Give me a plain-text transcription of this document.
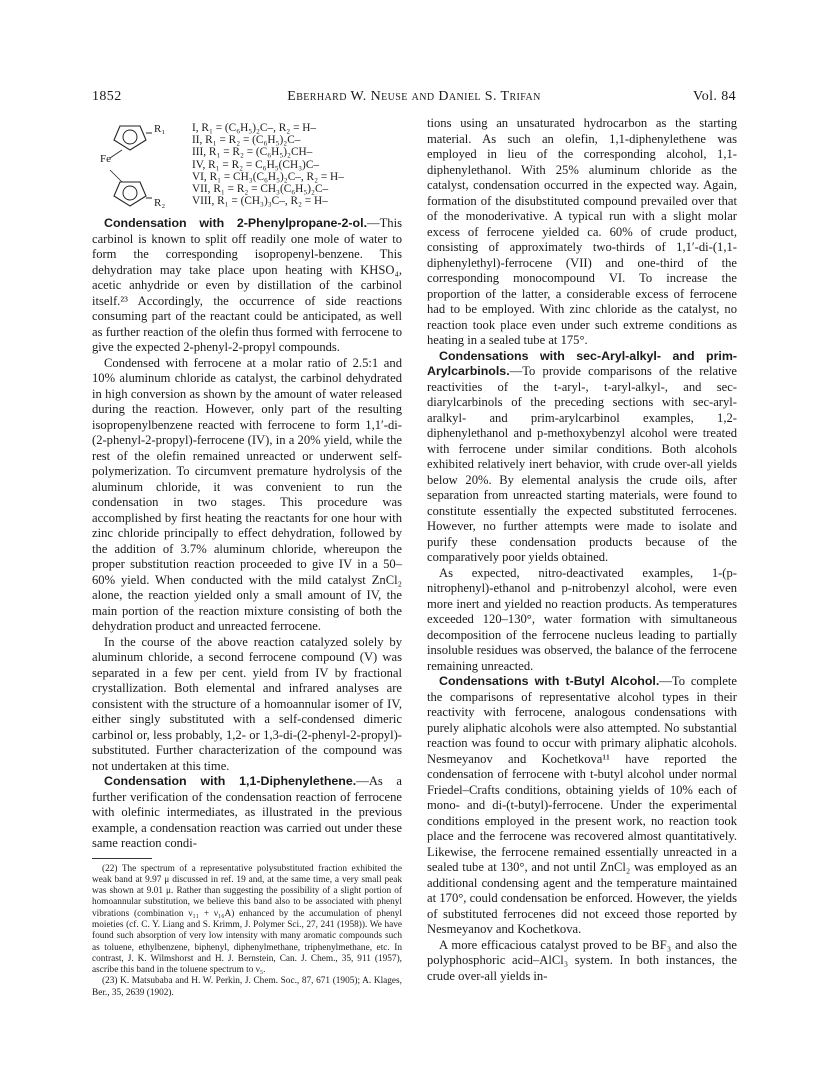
1852	Eberhard W. Neuse and Daniel S. Trifan	Vol. 84
Fe
R₁
R₂
I, R₁ = (C₆H₅)₂C–, R₂ = H–
II, R₁ = R₂ = (C₆H₅)₂C–
III, R₁ = R₂ = (C₆H₅)₂CH–
IV, R₁ = R₂ = C₆H₅(CH₃)C–
VI, R₁ = CH₃(C₆H₅)₂C–, R₂ = H–
VII, R₁ = R₂ = CH₃(C₆H₅)₂C–
VIII, R₁ = (CH₃)₃C–, R₂ = H–

Condensation with 2-Phenylpropane-2-ol.—This carbinol is known to split off readily one mole of water to form the corresponding isopropenyl-benzene. This dehydration may take place upon heating with KHSO₄, acetic anhydride or even by distillation of the carbinol itself.²³ Accordingly, the occurrence of side reactions consuming part of the reactant could be anticipated, as well as further reaction of the olefin thus formed with ferrocene to give the expected 2-phenyl-2-propyl compounds.

Condensed with ferrocene at a molar ratio of 2.5:1 and 10% aluminum chloride as catalyst, the carbinol dehydrated in high conversion as shown by the amount of water released during the reaction. However, only part of the resulting isopropenylbenzene reacted with ferrocene to form 1,1′-di-(2-phenyl-2-propyl)-ferrocene (IV), in a 20% yield, while the rest of the olefin remained unreacted or underwent self-polymerization. To circumvent premature hydrolysis of the aluminum chloride, it was convenient to run the condensation in two stages. This procedure was accomplished by first heating the reactants for one hour with zinc chloride principally to effect dehydration, followed by the addition of 3.7% aluminum chloride, whereupon the proper substitution reaction proceeded to give IV in a 50–60% yield. When conducted with the mild catalyst ZnCl₂ alone, the reaction yielded only a small amount of IV, the main portion of the reaction mixture consisting of both the dehydration product and unreacted ferrocene.

In the course of the above reaction catalyzed solely by aluminum chloride, a second ferrocene compound (V) was separated in a few per cent. yield from IV by fractional crystallization. Both elemental and infrared analyses are consistent with the structure of a homoannular isomer of IV, either singly substituted with a self-condensed dimeric carbinol or, less probably, 1,2- or 1,3-di-(2-phenyl-2-propyl)-substituted. Further characterization of the compound was not undertaken at this time.

Condensation with 1,1-Diphenylethene.—As a further verification of the condensation reaction of ferrocene with olefinic intermediates, as illustrated in the previous example, a condensation reaction was carried out under these same reaction condi-

(22) The spectrum of a representative polysubstituted fraction exhibited the weak band at 9.97 μ discussed in ref. 19 and, at the same time, a very small peak was shown at 9.01 μ. Rather than suggesting the possibility of a slight portion of homoannular substitution, we believe this band also to be associated with phenyl vibrations (combination ν₁₁ + ν₁₆A) enhanced by the accumulation of phenyl moieties (cf. C. Y. Liang and S. Krimm, J. Polymer Sci., 27, 241 (1958)). We have found such absorption of very low intensity with many aromatic compounds such as toluene, ethylbenzene, biphenyl, diphenylmethane, triphenylmethane, etc. In contrast, J. K. Wilmshorst and H. J. Bernstein, Can. J. Chem., 35, 911 (1957), ascribe this band in the toluene spectrum to ν₅.

(23) K. Matsubaba and H. W. Perkin, J. Chem. Soc., 87, 671 (1905); A. Klages, Ber., 35, 2639 (1902).

tions using an unsaturated hydrocarbon as the starting material. As such an olefin, 1,1-diphenylethene was employed in lieu of the corresponding alcohol, 1,1-diphenylethanol. With 25% aluminum chloride as the catalyst, condensation occurred in the expected way. Again, formation of the disubstituted compound prevailed over that of the monoderivative. A typical run with a slight molar excess of ferrocene yielded ca. 60% of crude product, consisting of approximately two-thirds of 1,1′-di-(1,1-diphenylethyl)-ferrocene (VII) and one-third of the corresponding monocompound VI. To increase the proportion of the latter, a considerable excess of ferrocene had to be employed. With zinc chloride as the catalyst, no reaction took place even under such extreme conditions as heating in a sealed tube at 175°.

Condensations with sec-Aryl-alkyl- and prim-Arylcarbinols.—To provide comparisons of the relative reactivities of the t-aryl-, t-aryl-alkyl-, and sec-diarylcarbinols of the preceding sections with sec-aryl-aralkyl- and prim-arylcarbinol examples, 1,2-diphenylethanol and p-methoxybenzyl alcohol were treated with ferrocene under similar conditions. Both alcohols exhibited relatively inert behavior, with crude over-all yields below 20%. By elemental analysis the crude oils, after separation from unreacted starting materials, were found to constitute essentially the expected substituted ferrocenes. However, no further attempts were made to isolate and purify these condensation products because of the comparatively poor yields obtained.

As expected, nitro-deactivated examples, 1-(p-nitrophenyl)-ethanol and p-nitrobenzyl alcohol, were even more inert and yielded no reaction products. As temperatures exceeded 120–130°, water formation with simultaneous decomposition of the ferrocene nucleus leading to partially insoluble residues was observed, the balance of the ferrocene remaining unreacted.

Condensations with t-Butyl Alcohol.—To complete the comparisons of representative alcohol types in their reactivity with ferrocene, analogous condensations with purely aliphatic alcohols were also attempted. No substantial reaction was found to occur with primary aliphatic alcohols. Nesmeyanov and Kochetkova¹¹ have reported the condensation of ferrocene with t-butyl alcohol under normal Friedel–Crafts conditions, obtaining yields of 10% each of mono- and di-(t-butyl)-ferrocene. Under the experimental conditions employed in the present work, no reaction took place and the ferrocene was recovered almost quantitatively. Likewise, the ferrocene remained essentially unreacted in a sealed tube at 130°, and not until ZnCl₂ was employed as an additional condensing agent and the temperature maintained at 170°, could condensation be enforced. However, the yields of substituted ferrocenes did not exceed those reported by Nesmeyanov and Kochetkova.

A more efficacious catalyst proved to be BF₃ and also the polyphosphoric acid–AlCl₃ system. In both instances, the crude over-all yields in-
